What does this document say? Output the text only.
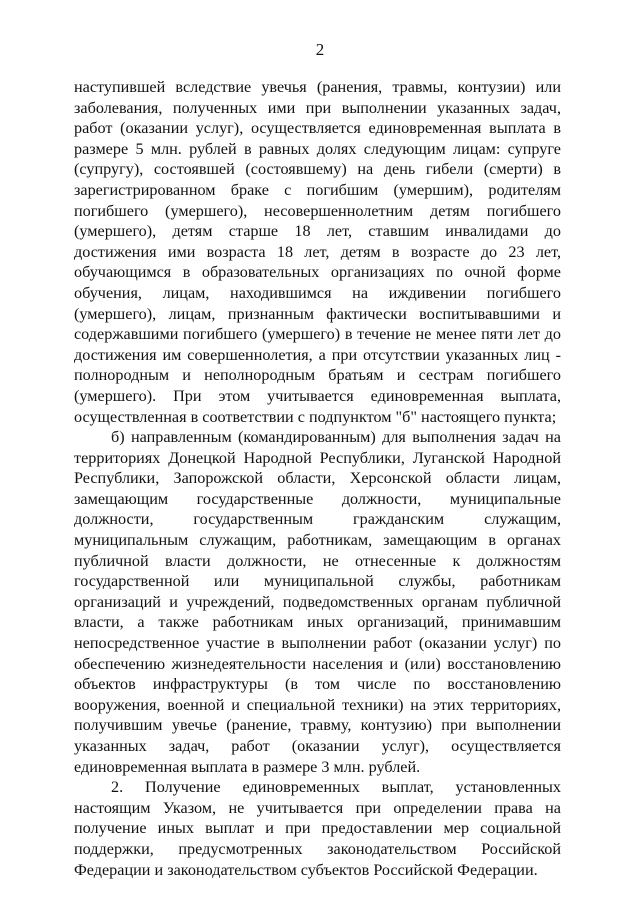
2

наступившей вследствие увечья (ранения, травмы, контузии) или заболевания, полученных ими при выполнении указанных задач, работ (оказании услуг), осуществляется единовременная выплата в размере 5 млн. рублей в равных долях следующим лицам: супруге (супругу), состоявшей (состоявшему) на день гибели (смерти) в зарегистрированном браке с погибшим (умершим), родителям погибшего (умершего), несовершеннолетним детям погибшего (умершего), детям старше 18 лет, ставшим инвалидами до достижения ими возраста 18 лет, детям в возрасте до 23 лет, обучающимся в образовательных организациях по очной форме обучения, лицам, находившимся на иждивении погибшего (умершего), лицам, признанным фактически воспитывавшими и содержавшими погибшего (умершего) в течение не менее пяти лет до достижения им совершеннолетия, а при отсутствии указанных лиц - полнородным и неполнородным братьям и сестрам погибшего (умершего). При этом учитывается единовременная выплата, осуществленная в соответствии с подпунктом "б" настоящего пункта;

б) направленным (командированным) для выполнения задач на территориях Донецкой Народной Республики, Луганской Народной Республики, Запорожской области, Херсонской области лицам, замещающим государственные должности, муниципальные должности, государственным гражданским служащим, муниципальным служащим, работникам, замещающим в органах публичной власти должности, не отнесенные к должностям государственной или муниципальной службы, работникам организаций и учреждений, подведомственных органам публичной власти, а также работникам иных организаций, принимавшим непосредственное участие в выполнении работ (оказании услуг) по обеспечению жизнедеятельности населения и (или) восстановлению объектов инфраструктуры (в том числе по восстановлению вооружения, военной и специальной техники) на этих территориях, получившим увечье (ранение, травму, контузию) при выполнении указанных задач, работ (оказании услуг), осуществляется единовременная выплата в размере 3 млн. рублей.

2. Получение единовременных выплат, установленных настоящим Указом, не учитывается при определении права на получение иных выплат и при предоставлении мер социальной поддержки, предусмотренных законодательством Российской Федерации и законодательством субъектов Российской Федерации.
